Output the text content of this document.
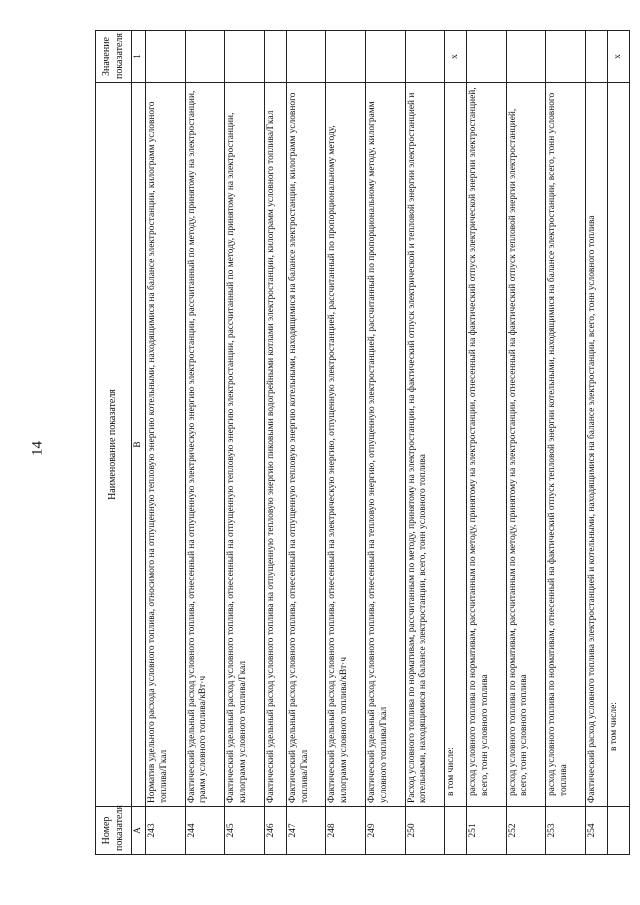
14
Номер показателя	Наименование показателя	Значение показателя
А	В	1
243	Норматив удельного расхода условного топлива, относимого на отпущенную тепловую энергию котельными, находящимися на балансе электростанции, килограмм условного топлива/Гкал	
244	Фактический удельный расход условного топлива, отнесенный на отпущенную электрическую энергию электростанции, рассчитанный по методу, принятому на электростанции, грамм условного топлива/кВт·ч	
245	Фактический удельный расход условного топлива, отнесенный на отпущенную тепловую энергию электростанции, рассчитанный по методу, принятому на электростанции, килограмм условного топлива/Гкал	
246	Фактический удельный расход условного топлива на отпущенную тепловую энергию пиковыми водогрейными котлами электростанции, килограмм условного топлива/Гкал	
247	Фактический удельный расход условного топлива, отнесенный на отпущенную тепловую энергию котельными, находящимися на балансе электростанции, килограмм условного топлива/Гкал	
248	Фактический удельный расход условного топлива, отнесенный на электрическую энергию, отпущенную электростанцией, рассчитанный по пропорциональному методу, килограмм условного топлива/кВт·ч	
249	Фактический удельный расход условного топлива, отнесенный на тепловую энергию, отпущенную электростанцией, рассчитанный по пропорциональному методу, килограмм условного топлива/Гкал	
250	Расход условного топлива по нормативам, рассчитанным по методу, принятому на электростанции, на фактический отпуск электрической и тепловой энергии электростанцией и котельными, находящимися на балансе электростанции, всего, тонн условного топлива	
	в том числе:	x
251	расход условного топлива по нормативам, рассчитанным по методу, принятому на электростанции, отнесенный на фактический отпуск электрической энергии электростанцией, всего, тонн условного топлива	
252	расход условного топлива по нормативам, рассчитанным по методу, принятому на электростанции, отнесенный на фактический отпуск тепловой энергии электростанцией, всего, тонн условного топлива	
253	расход условного топлива по нормативам, отнесенный на фактический отпуск тепловой энергии котельными, находящимися на балансе электростанции, всего, тонн условного топлива	
254	Фактический расход условного топлива электростанцией и котельными, находящимися на балансе электростанции, всего, тонн условного топлива	
	в том числе:	x
